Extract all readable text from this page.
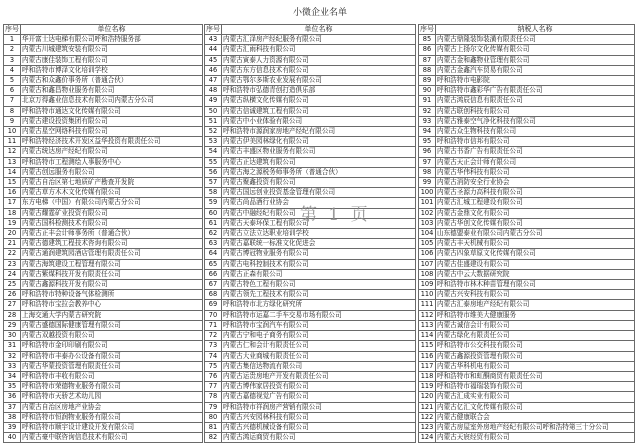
小微企业名单
序号	单位名称
1	华开富士达电梯有限公司呼和浩特服务部
2	内蒙古川城建筑安装有限公司
3	内蒙古康佳装饰工程有限公司
4	呼和浩特市博泽文化培训学校
5	内蒙古和众鑫价事务所（普通合伙）
6	内蒙古和鑫昌物业服务有限公司
7	北京万得鑫业信息技术有限公司内蒙古分公司
8	呼和浩特市通达文化传媒有限公司
9	内蒙古建设投资集团有限公司
10	内蒙古星空网络科技有限公司
11	呼和浩特经济技术开发区益华投资有限责任公司
12	内蒙古统达房产经纪有限公司
13	呼和浩特市工程测绘人事服务中心
14	内蒙古创远服务有限公司
15	内蒙古自治区第七地质矿产勘查开发院
16	内蒙古草方木木文化传媒有限公司
17	东方电梯（中国）有限公司内蒙古分公司
18	内蒙古耀霆矿业投资有限公司
19	内蒙古国科检测技术有限公司
20	内蒙古正丰会计师事务所（普通合伙）
21	内蒙古德建筑工程技术咨询有限公司
22	内蒙古通润建筑园酒店管理有限责任公司
23	内蒙古海筑建设工程管理有限公司
24	内蒙古紫煤科技开发有限责任公司
25	内蒙古鑫源科技开发有限公司
26	呼和浩特市特种设备气体检测所
27	呼和浩特市宝拉会教养中心
28	上海交通大学内蒙古研究院
29	内蒙古盛德国际健康管理有限公司
30	内蒙古双越投资有限公司
31	呼和浩特市金印印刷有限公司
32	呼和浩特市丰泰办公设备有限公司
33	内蒙古华蒙投资管理有限责任公司
34	呼和浩特市丰收有限公司
35	呼和浩特市荣德物业服务有限公司
36	呼和浩特市天骄艺术幼儿园
37	内蒙古自治区房地产业协会
38	呼和浩特市恒润物业服务有限公司
39	呼和浩特市顺宇设计建设开发有限公司
40	内蒙古豪中联咨询信息技术有限公司
序号	单位名称
43	内蒙古汇泽房产经纪服务有限公司
44	内蒙古汇雨科技有限公司
45	内蒙古寅泰人力资源有限公司
46	内蒙古东方信息技术有限公司
47	内蒙古鄂尔多斯农业发展有限公司
48	呼和浩特市弘德青创打造俱乐部
49	内蒙古纵横文化传媒有限公司
50	内蒙古信诚建筑工程有限公司
51	内蒙古中小业体验有限公司
52	呼和浩特市源润家房地产经纪有限公司
53	内蒙古伊美园林绿化有限公司
54	内蒙古丰盛区物业服务有限公司
55	内蒙古正达建筑有限公司
56	内蒙古海之源税务师事务所（普通合伙）
57	内蒙古聚鑫投资有限公司
58	内蒙古国远创业投资基金管理有限公司
59	内蒙古尚品酒行业协会
60	内蒙古中融经纪有限公司
61	内蒙古天泰环保工程有限公司
62	内蒙古立法立达职业培训学校
63	内蒙古嘉联统一标准文化促进会
64	内蒙古博冠物业服务有限公司
65	内蒙古电科控制技术有限公司
66	内蒙古正森有限公司
67	内蒙古特色工程有限公司
68	内蒙古领先工程技术有限公司
69	呼和浩特市北方绿化研究所
70	呼和浩特市运嘉二手车交易市场有限公司
71	呼和浩特市宝润汽车有限公司
72	内蒙古宁和电子商务有限公司
73	内蒙古仁和会计有限责任公司
74	内蒙古大业商城有限责任公司
75	内蒙古集信达物流有限公司
76	内蒙古运贵房地产开发有限责任公司
77	内蒙古博伟家居投资有限公司
78	内蒙古嘉德视觉广告有限公司
79	呼和浩特市祥润房产营销有限公司
80	内蒙古兴安园林科技有限公司
81	内蒙古兴德机械设备有限公司
82	内蒙古鸿运商贸有限公司
序号	纳税人名称
85	内蒙古鼎隆装饰装潢有限责任公司
86	内蒙古上扬尔文化传媒有限公司
87	内蒙古金和鑫物业管理有限公司
88	内蒙古金鑫汽车贸易有限公司
89	呼和浩特市电影院
90	呼和浩特市鑫彩华广告有限责任公司
91	内蒙古鸿辰信息有限责任公司
92	内蒙古联创科技有限公司
93	内蒙古雅泰空气净化科技有限公司
94	内蒙古众生物科技有限公司
95	呼和浩特市信邦有限公司
96	内蒙古书香广告有限责任公司
97	内蒙古天正会计师有限公司
98	内蒙古华伟科技有限公司
99	内蒙古消防安全行业协会
100	内蒙古圣源力高科技有限公司
101	内蒙古汇城工程建设有限公司
102	内蒙古金鼎文化有限公司
103	内蒙古华创文化传媒有限公司
104	山东德盟泰业有限公司内蒙古分公司
105	内蒙古丰天机械有限公司
106	内蒙古四象草原文化传媒有限公司
107	内蒙古佳盛建设有限公司
108	内蒙古中云大数据研究院
109	呼和浩特市林木种苗管理有限公司
110	内蒙古兴安科技有限公司
111	内蒙古汇泰房地产经纪有限公司
112	呼和浩特市维美大健康服务
113	内蒙古诚信会计有限公司
114	内蒙古绿化有限责任公司
115	呼和浩特市公交科技有限公司
116	内蒙古鑫源投资管理有限公司
117	内蒙古华科机电有限公司
118	呼和浩特市和虹酮商贸有限责任公司
119	呼和浩特市福瑞装饰有限公司
120	内蒙古汇成实业有限公司
121	内蒙古亿汇文化传媒有限公司
122	内蒙古健康联合会
123	内蒙古房屋室外房地产经纪有限公司呼和浩特第三十分公司
124	内蒙古天宸经贸有限公司
第 1 页
